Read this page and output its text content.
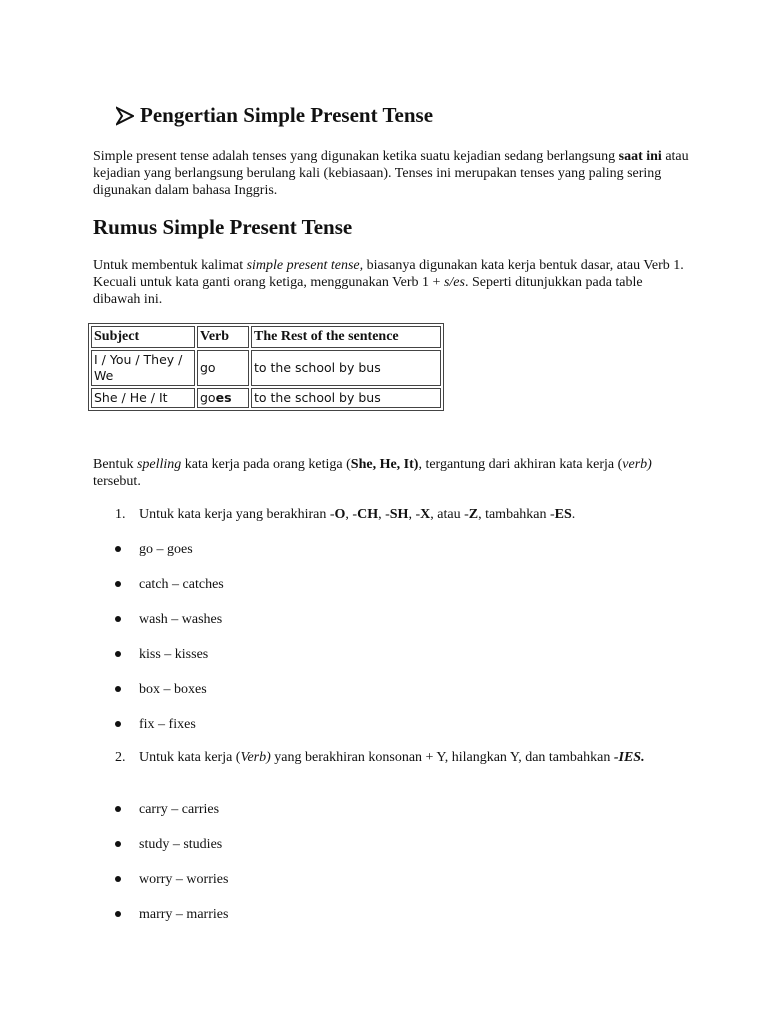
Pengertian Simple Present Tense
Simple present tense adalah tenses yang digunakan ketika suatu kejadian sedang berlangsung saat ini atau kejadian yang berlangsung berulang kali (kebiasaan). Tenses ini merupakan tenses yang paling sering digunakan dalam bahasa Inggris.
Rumus Simple Present Tense
Untuk membentuk kalimat simple present tense, biasanya digunakan kata kerja bentuk dasar, atau Verb 1. Kecuali untuk kata ganti orang ketiga, menggunakan Verb 1 + s/es. Seperti ditunjukkan pada table dibawah ini.
Subject	Verb	The Rest of the sentence
I / You / They / We	go	to the school by bus
She / He / It	goes	to the school by bus
Bentuk spelling kata kerja pada orang ketiga (She, He, It), tergantung dari akhiran kata kerja (verb) tersebut.
1. Untuk kata kerja yang berakhiran -O, -CH, -SH, -X, atau -Z, tambahkan -ES.
go – goes
catch – catches
wash – washes
kiss – kisses
box – boxes
fix – fixes
2. Untuk kata kerja (Verb) yang berakhiran konsonan + Y, hilangkan Y, dan tambahkan -IES.
carry – carries
study – studies
worry – worries
marry – marries
